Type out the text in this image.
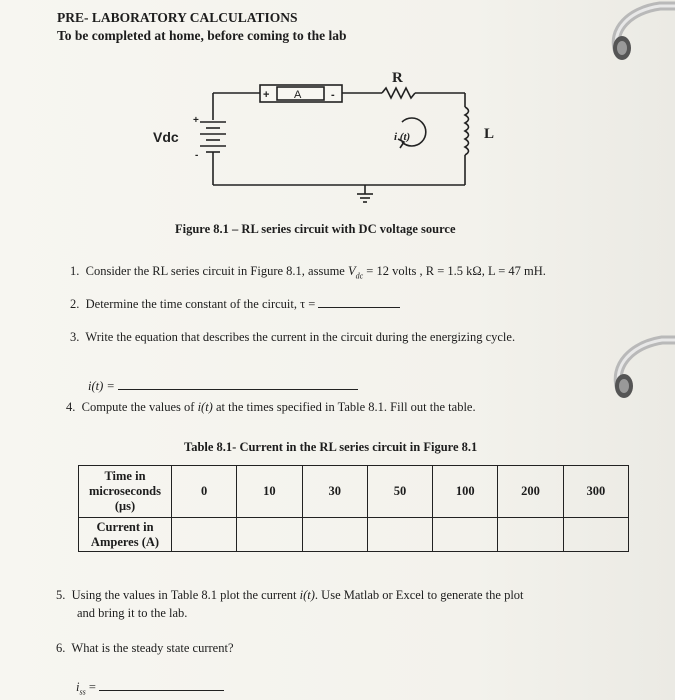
PRE- LABORATORY CALCULATIONS
To be completed at home, before coming to the lab
+
-
+	-
A
Vdc
R
L
i (t)
Figure 8.1 – RL series circuit with DC voltage source
1. Consider the RL series circuit in Figure 8.1, assume $V_{dc} = 12$ volts , R = 1.5 kΩ, L = 47 mH.
2. Determine the time constant of the circuit, τ =
3. Write the equation that describes the current in the circuit during the energizing cycle.
i(t) =
4. Compute the values of i(t) at the times specified in Table 8.1. Fill out the table.
Table 8.1- Current in the RL series circuit in Figure 8.1
Time in
microseconds
(μs)	0	10	30	50	100	200	300

Current in
Amperes (A)							

5. Using the values in Table 8.1 plot the current i(t). Use Matlab or Excel to generate the plot
and bring it to the lab.
6. What is the steady state current?
$i_{ss}$ =
